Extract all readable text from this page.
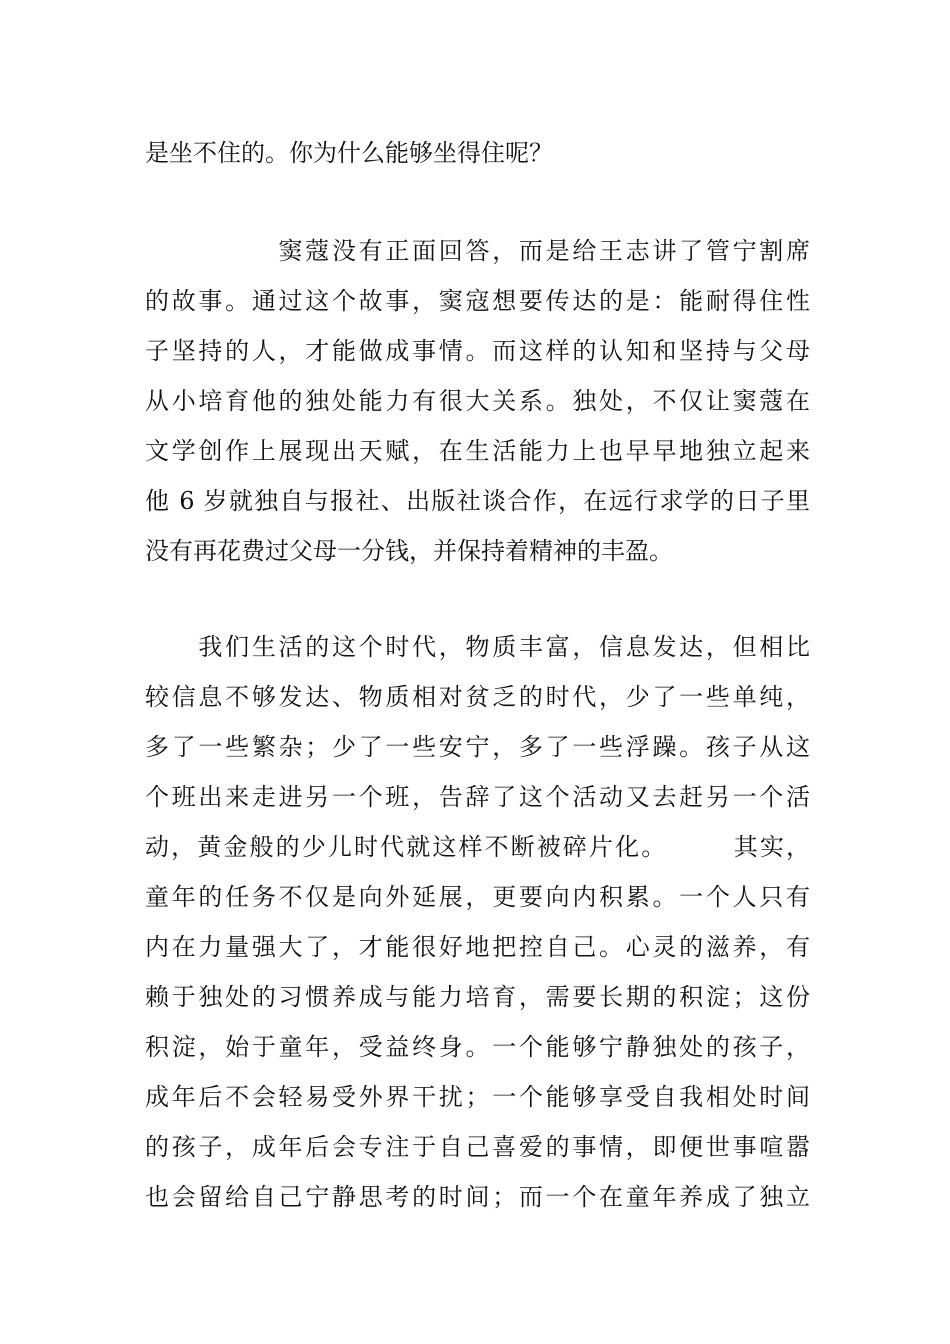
是坐不住的。你为什么能够坐得住呢？
　　　　　窦蔻没有正面回答，而是给王志讲了管宁割席
的故事。通过这个故事，窦寇想要传达的是：能耐得住性
子坚持的人，才能做成事情。而这样的认知和坚持与父母
从小培育他的独处能力有很大关系。独处，不仅让窦蔻在
文学创作上展现出天赋，在生活能力上也早早地独立起来
他 6 岁就独自与报社、出版社谈合作，在远行求学的日子里
没有再花费过父母一分钱，并保持着精神的丰盈。
　　我们生活的这个时代，物质丰富，信息发达，但相比
较信息不够发达、物质相对贫乏的时代，少了一些单纯，
多了一些繁杂；少了一些安宁，多了一些浮躁。孩子从这
个班出来走进另一个班，告辞了这个活动又去赶另一个活
动，黄金般的少儿时代就这样不断被碎片化。　　　其实，
童年的任务不仅是向外延展，更要向内积累。一个人只有
内在力量强大了，才能很好地把控自己。心灵的滋养，有
赖于独处的习惯养成与能力培育，需要长期的积淀；这份
积淀，始于童年，受益终身。一个能够宁静独处的孩子，
成年后不会轻易受外界干扰；一个能够享受自我相处时间
的孩子，成年后会专注于自己喜爱的事情，即便世事喧嚣
也会留给自己宁静思考的时间；而一个在童年养成了独立
